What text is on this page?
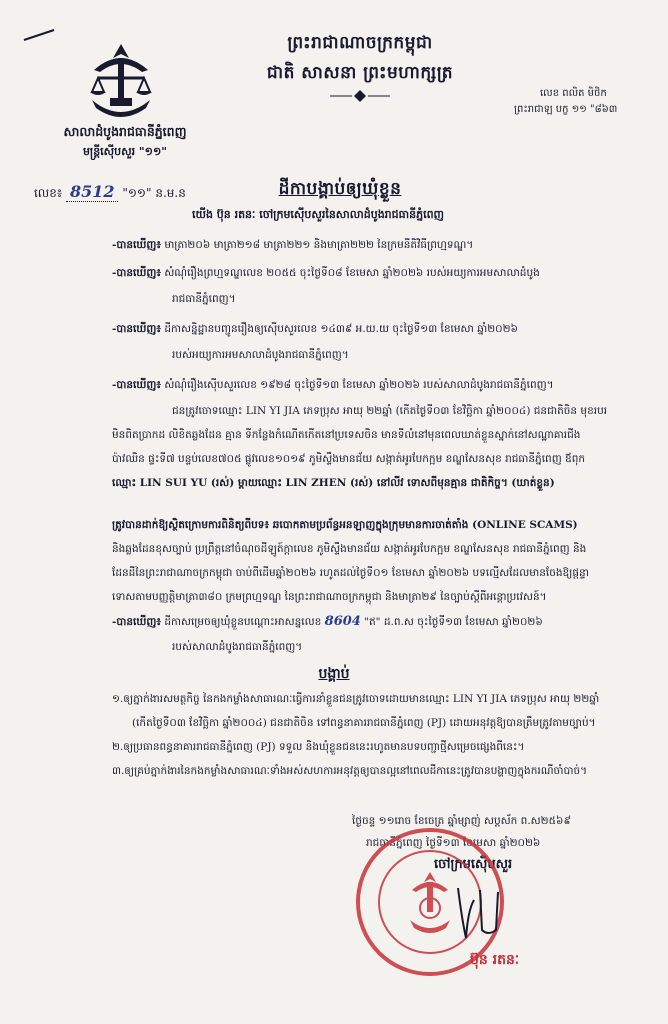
សាលាដំបូងរាជធានីភ្នំពេញ
មន្ត្រីស៊ើបសួរ "១១"
ព្រះរាជាណាចក្រកម្ពុជា
ជាតិ សាសនា ព្រះមហាក្សត្រ
លេខ ពលិត មិថិក
ព្រះរាជាឡ បក្ខ ១១ "៨៦៣
លេខ៖ 8512 "១១" ន.ម.ន	ដីកាបង្គាប់ឲ្យឃុំខ្លួន
យើង ប៊ុន រតនៈ ចៅក្រមស៊ើបសួរនៃសាលាដំបូងរាជធានីភ្នំពេញ
-បានឃើញ៖ មាត្រា២០៦ មាត្រា២១៨ មាត្រា២២១ និងមាត្រា២២២ នៃក្រមនីតិវិធីព្រហ្មទណ្ឌ។
-បានឃើញ៖ សំណុំរឿងព្រហ្មទណ្ឌលេខ ២០៥៥ ចុះថ្ងៃទី០៨ ខែមេសា ឆ្នាំ២០២៦ របស់អយ្យការអមសាលាដំបូង
រាជធានីភ្នំពេញ។
-បានឃើញ៖ ដីកាសន្និដ្ឋានបញ្ជូនរឿងឲ្យស៊ើបសួរលេខ ១៤៣៩ អ.យ.យ ចុះថ្ងៃទី១៣ ខែមេសា ឆ្នាំ២០២៦
របស់អយ្យការអមសាលាដំបូងរាជធានីភ្នំពេញ។
-បានឃើញ៖ សំណុំរឿងស៊ើបសួរលេខ ១៩២៨ ចុះថ្ងៃទី១៣ ខែមេសា ឆ្នាំ២០២៦ របស់សាលាដំបូងរាជធានីភ្នំពេញ។
ជនត្រូវចោទឈ្មោះ LIN YI JIA ភេទប្រុស អាយុ ២២ឆ្នាំ (កើតថ្ងៃទី០៣ ខែវិច្ឆិកា ឆ្នាំ២០០៤) ជនជាតិចិន មុខរបរ
មិនពិតប្រាកដ លិខិតឆ្លងដែន គ្មាន ទីកន្លែងកំណើតកើតនៅប្រទេសចិន មានទីលំនៅមុនពេលឃាត់ខ្លួនស្នាក់នៅសណ្ឋាគារជីង
ប៉ាវឈិន ផ្ទះទី៧ បន្ទប់លេខ៧០៥ ផ្លូវលេខ១០១៩ ភូមិស្ទឹងមានជ័យ សង្កាត់អូរបែកក្អម ខណ្ឌសែនសុខ រាជធានីភ្នំពេញ ឪពុក
ឈ្មោះ LIN SUI YU (រស់) ម្ដាយឈ្មោះ LIN ZHEN (រស់) នៅលីវ ទោសពីមុនគ្មាន ជាតិកិច្ច។ (ឃាត់ខ្លួន)
ត្រូវបានដាក់ឱ្យស្ថិតក្រោមការពិនិត្យពីបទ៖ ឆបោកតាមប្រព័ន្ធអនឡាញក្នុងក្រុមមានការចាត់តាំង (ONLINE SCAMS)
និងឆ្លងដែនខុសច្បាប់ ប្រព្រឹត្តនៅចំណុចដីឡូត៍ក្ដាលេខ ភូមិស្ទឹងមានជ័យ សង្កាត់អូរបែកក្អម ខណ្ឌសែនសុខ រាជធានីភ្នំពេញ និង
ដែនដីនៃព្រះរាជាណាចក្រកម្ពុជា ចាប់ពីដើមឆ្នាំ២០២៦ រហូតដល់ថ្ងៃទី០១ ខែមេសា ឆ្នាំ២០២៦ បទល្មើសដែលមានចែងឱ្យផ្តន្ទា
ទោសតាមបញ្ញត្តិមាត្រា៣៨០ ក្រមព្រហ្មទណ្ឌ នៃព្រះរាជាណាចក្រកម្ពុជា និងមាត្រា២៩ នៃច្បាប់ស្ដីពីអន្តោប្រវេសន៍។
-បានឃើញ៖ ដីកាសម្រេចឲ្យឃុំខ្លួនបណ្ដោះអាសន្នលេខ 8604 "ឥ" ដ.ព.ស ចុះថ្ងៃទី១៣ ខែមេសា ឆ្នាំ២០២៦
របស់សាលាដំបូងរាជធានីភ្នំពេញ។
បង្គាប់
១.ឲ្យភ្នាក់ងារសមត្ថកិច្ច នៃកងកម្លាំងសាធារណៈធ្វើការនាំខ្លួនជនត្រូវចោទដោយមានឈ្មោះ LIN YI JIA ភេទប្រុស អាយុ ២២ឆ្នាំ
(កើតថ្ងៃទី០៣ ខែវិច្ឆិកា ឆ្នាំ២០០៤) ជនជាតិចិន ទៅពន្ធនាគាររាជធានីភ្នំពេញ (PJ) ដោយអនុវត្តឱ្យបានត្រឹមត្រូវតាមច្បាប់។
២.ឲ្យប្រធានពន្ធនាគាររាជធានីភ្នំពេញ (PJ) ទទួល និងឃុំខ្លួនជននេះរហូតមានបទបញ្ជាថ្មីសម្រេចផ្សេងពីនេះ។
៣.ឲ្យគ្រប់ភ្នាក់ងារនៃកងកម្លាំងសាធារណៈទាំងអស់សហការអនុវត្តឲ្យបានល្អនៅពេលដីកានេះត្រូវបានបង្ហាញក្នុងករណីចាំបាច់។
ថ្ងៃចន្ទ ១១រោច ខែចេត្រ ឆ្នាំម្សាញ់ សប្តស័ក ព.ស២៥៦៩
រាជធានីភ្នំពេញ ថ្ងៃទី១៣ ខែមេសា ឆ្នាំ២០២៦
ចៅក្រមស៊ើបសួរ
ប៊ុន រតនៈ
